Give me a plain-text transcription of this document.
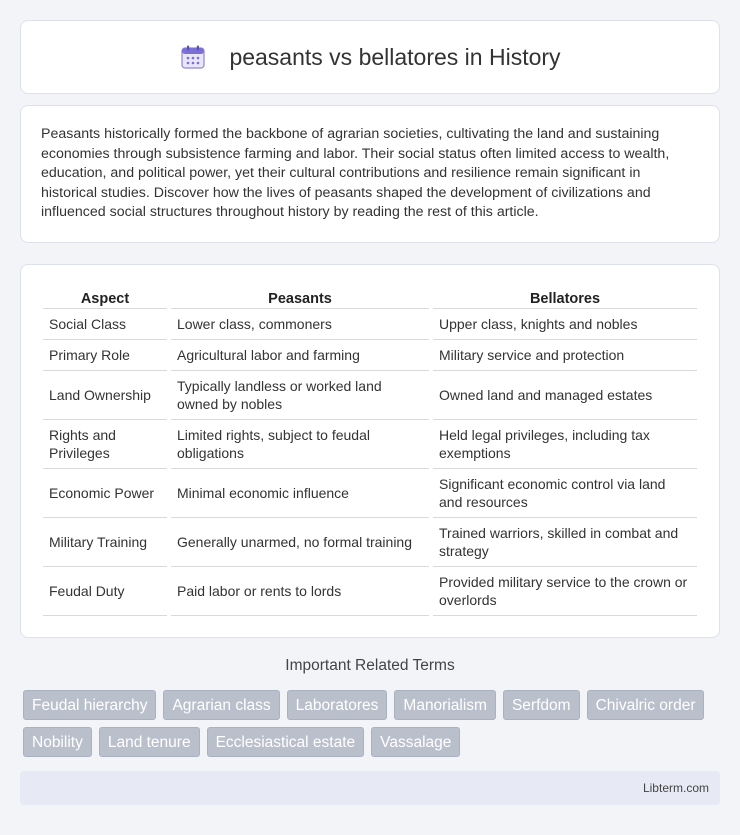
peasants vs bellatores in History

Peasants historically formed the backbone of agrarian societies, cultivating the land and sustaining economies through subsistence farming and labor. Their social status often limited access to wealth, education, and political power, yet their cultural contributions and resilience remain significant in historical studies. Discover how the lives of peasants shaped the development of civilizations and influenced social structures throughout history by reading the rest of this article.

Aspect	Peasants	Bellatores
Social Class	Lower class, commoners	Upper class, knights and nobles
Primary Role	Agricultural labor and farming	Military service and protection
Land Ownership	Typically landless or worked land owned by nobles	Owned land and managed estates
Rights and Privileges	Limited rights, subject to feudal obligations	Held legal privileges, including tax exemptions
Economic Power	Minimal economic influence	Significant economic control via land and resources
Military Training	Generally unarmed, no formal training	Trained warriors, skilled in combat and strategy
Feudal Duty	Paid labor or rents to lords	Provided military service to the crown or overlords
Important Related Terms
Feudal hierarchy	Agrarian class	Laboratores	Manorialism	Serfdom	Chivalric order
Nobility	Land tenure	Ecclesiastical estate	Vassalage
Libterm.com
